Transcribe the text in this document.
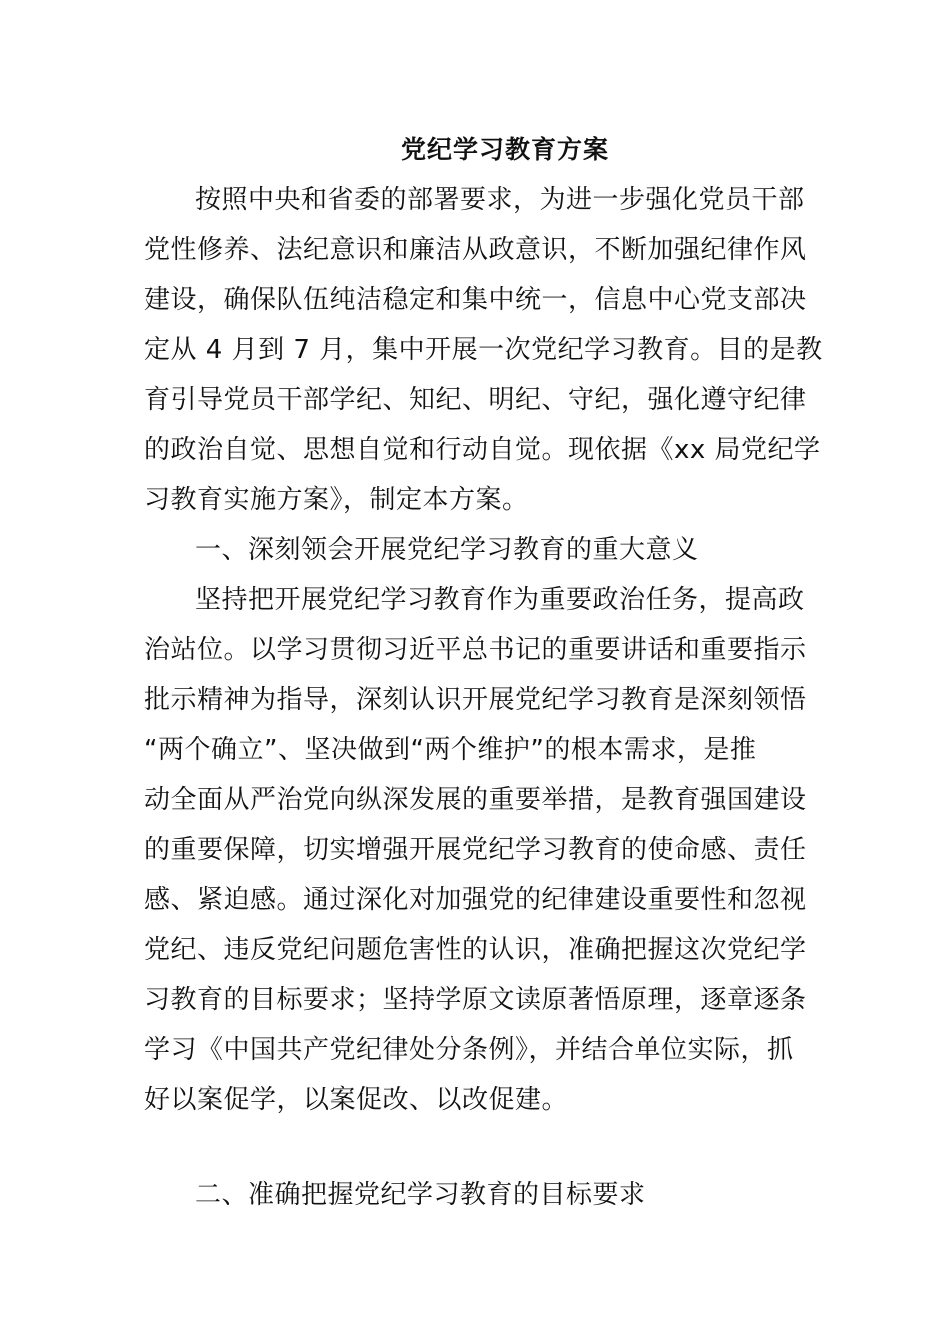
党纪学习教育方案
按照中央和省委的部署要求，为进一步强化党员干部
党性修养、法纪意识和廉洁从政意识，不断加强纪律作风
建设，确保队伍纯洁稳定和集中统一，信息中心党支部决
定从 4 月到 7 月，集中开展一次党纪学习教育。目的是教
育引导党员干部学纪、知纪、明纪、守纪，强化遵守纪律
的政治自觉、思想自觉和行动自觉。现依据《xx 局党纪学
习教育实施方案》，制定本方案。
一、深刻领会开展党纪学习教育的重大意义
坚持把开展党纪学习教育作为重要政治任务，提高政
治站位。以学习贯彻习近平总书记的重要讲话和重要指示
批示精神为指导，深刻认识开展党纪学习教育是深刻领悟
“两个确立”、坚决做到“两个维护”的根本需求，是推
动全面从严治党向纵深发展的重要举措，是教育强国建设
的重要保障，切实增强开展党纪学习教育的使命感、责任
感、紧迫感。通过深化对加强党的纪律建设重要性和忽视
党纪、违反党纪问题危害性的认识，准确把握这次党纪学
习教育的目标要求；坚持学原文读原著悟原理，逐章逐条
学习《中国共产党纪律处分条例》，并结合单位实际，抓
好以案促学，以案促改、以改促建。
二、准确把握党纪学习教育的目标要求
